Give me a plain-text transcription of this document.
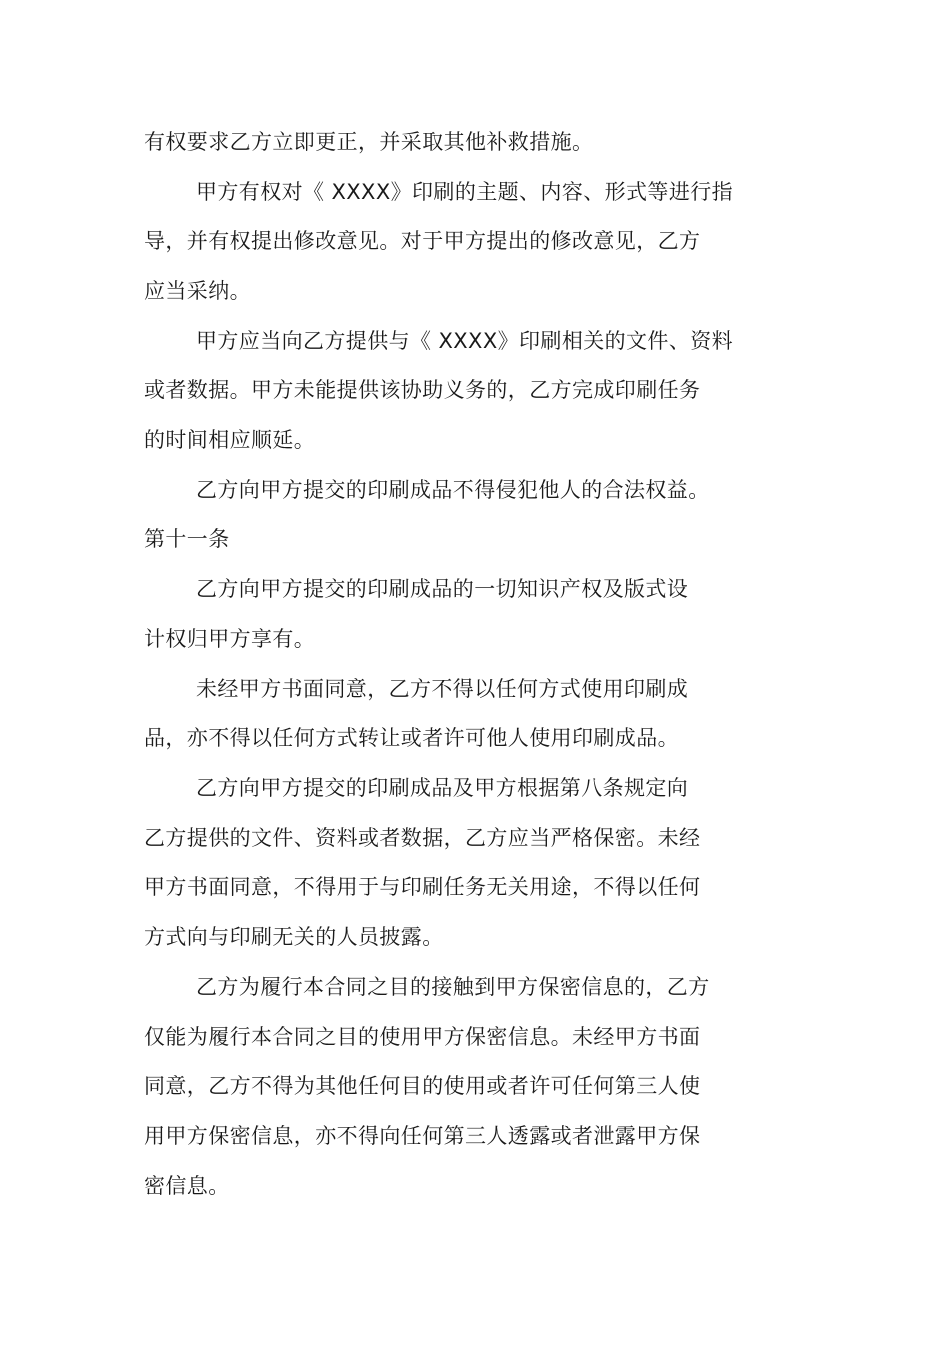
有权要求乙方立即更正，并采取其他补救措施。
甲方有权对《 XXXX》印刷的主题、内容、形式等进行指
导，并有权提出修改意见。对于甲方提出的修改意见，乙方
应当采纳。
甲方应当向乙方提供与《 XXXX》印刷相关的文件、资料
或者数据。甲方未能提供该协助义务的，乙方完成印刷任务
的时间相应顺延。
乙方向甲方提交的印刷成品不得侵犯他人的合法权益。
第十一条
乙方向甲方提交的印刷成品的一切知识产权及版式设
计权归甲方享有。
未经甲方书面同意，乙方不得以任何方式使用印刷成
品，亦不得以任何方式转让或者许可他人使用印刷成品。
乙方向甲方提交的印刷成品及甲方根据第八条规定向
乙方提供的文件、资料或者数据，乙方应当严格保密。未经
甲方书面同意，不得用于与印刷任务无关用途，不得以任何
方式向与印刷无关的人员披露。
乙方为履行本合同之目的接触到甲方保密信息的，乙方
仅能为履行本合同之目的使用甲方保密信息。未经甲方书面
同意，乙方不得为其他任何目的使用或者许可任何第三人使
用甲方保密信息，亦不得向任何第三人透露或者泄露甲方保
密信息。
